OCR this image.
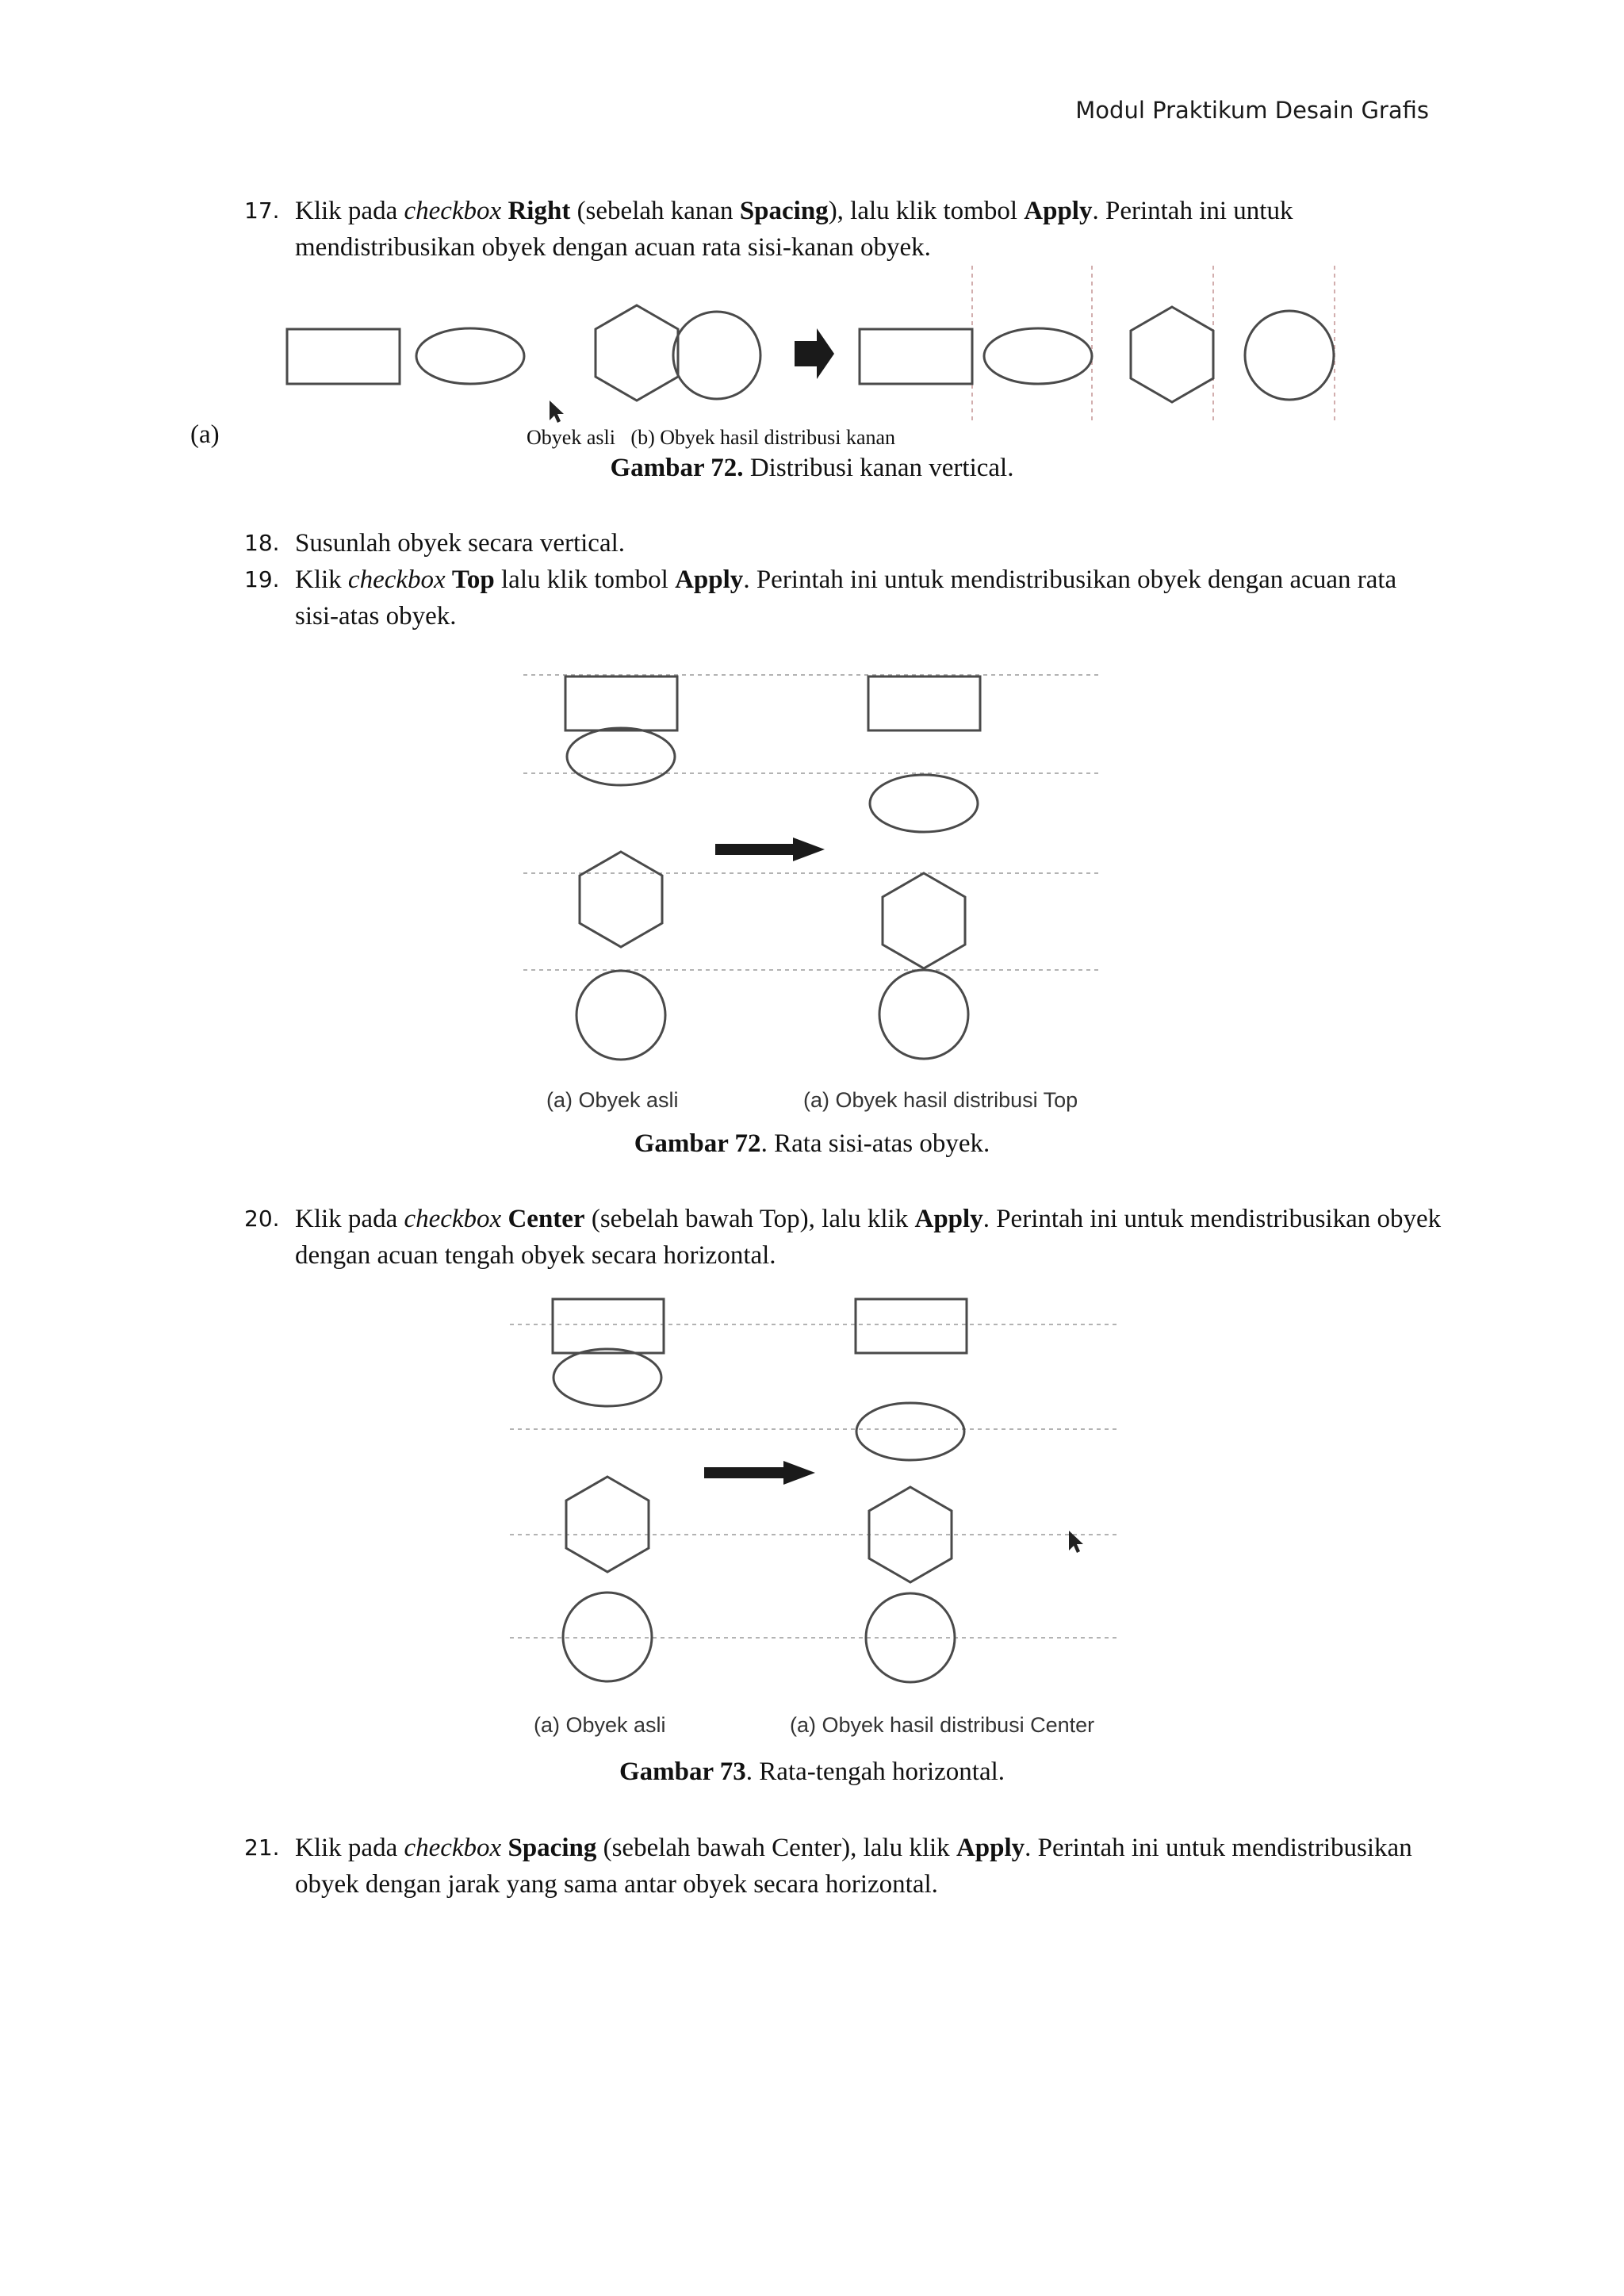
Modul Praktikum Desain Grafis
17. Klik pada checkbox Right (sebelah kanan Spacing), lalu klik tombol Apply. Perintah ini untuk mendistribusikan obyek dengan acuan rata sisi-kanan obyek.
(a)	Obyek asli   (b) Obyek hasil distribusi kanan
Gambar 72. Distribusi kanan vertical.
18. Susunlah obyek secara vertical.
19. Klik checkbox Top lalu klik tombol Apply. Perintah ini untuk mendistribusikan obyek dengan acuan rata sisi-atas obyek.
(a) Obyek asli	(a) Obyek hasil distribusi Top
Gambar 72. Rata sisi-atas obyek.
20. Klik pada checkbox Center (sebelah bawah Top), lalu klik Apply. Perintah ini untuk mendistribusikan obyek dengan acuan tengah obyek secara horizontal.
(a) Obyek asli	(a) Obyek hasil distribusi Center
Gambar 73. Rata-tengah horizontal.
21. Klik pada checkbox Spacing (sebelah bawah Center), lalu klik Apply. Perintah ini untuk mendistribusikan obyek dengan jarak yang sama antar obyek secara horizontal.
